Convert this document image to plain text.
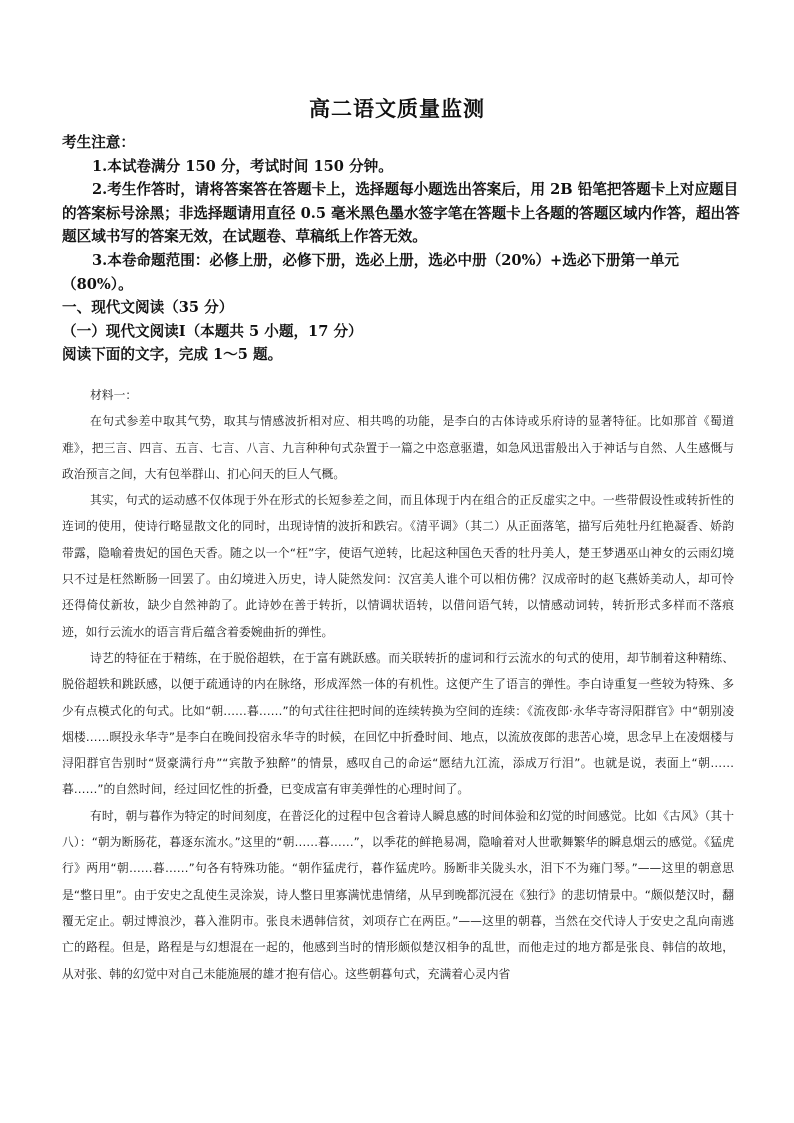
高二语文质量监测

考生注意：

1.本试卷满分 150 分，考试时间 150 分钟。

2.考生作答时，请将答案答在答题卡上，选择题每小题选出答案后，用 2B 铅笔把答题卡上对应题目的答案标号涂黑；非选择题请用直径 0.5 毫米黑色墨水签字笔在答题卡上各题的答题区域内作答，超出答题区域书写的答案无效，在试题卷、草稿纸上作答无效。

3.本卷命题范围：必修上册，必修下册，选必上册，选必中册（20%）+选必下册第一单元（80%）。

一、现代文阅读（35 分）

（一）现代文阅读Ⅰ（本题共 5 小题，17 分）

阅读下面的文字，完成 1～5 题。

材料一：

在句式参差中取其气势，取其与情感波折相对应、相共鸣的功能，是李白的古体诗或乐府诗的显著特征。比如那首《蜀道难》，把三言、四言、五言、七言、八言、九言种种句式杂置于一篇之中恣意驱遣，如急风迅雷般出入于神话与自然、人生感慨与政治预言之间，大有包举群山、扪心问天的巨人气概。

其实，句式的运动感不仅体现于外在形式的长短参差之间，而且体现于内在组合的正反虚实之中。一些带假设性或转折性的连词的使用，使诗行略显散文化的同时，出现诗情的波折和跌宕。《清平调》（其二）从正面落笔，描写后苑牡丹红艳凝香、娇韵带露，隐喻着贵妃的国色天香。随之以一个“枉”字，使语气逆转，比起这种国色天香的牡丹美人，楚王梦遇巫山神女的云雨幻境只不过是枉然断肠一回罢了。由幻境进入历史，诗人陡然发问：汉宫美人谁个可以相仿佛？汉成帝时的赵飞燕娇美动人，却可怜还得倚仗新妆，缺少自然神韵了。此诗妙在善于转折，以情调状语转，以借问语气转，以情感动词转，转折形式多样而不落痕迹，如行云流水的语言背后蕴含着委婉曲折的弹性。

诗艺的特征在于精练，在于脱俗超轶，在于富有跳跃感。而关联转折的虚词和行云流水的句式的使用，却节制着这种精练、脱俗超轶和跳跃感，以便于疏通诗的内在脉络，形成浑然一体的有机性。这便产生了语言的弹性。李白诗重复一些较为特殊、多少有点模式化的句式。比如“朝……暮……”的句式往往把时间的连续转换为空间的连续：《流夜郎·永华寺寄浔阳群官》中“朝别凌烟楼……暝投永华寺”是李白在晚间投宿永华寺的时候，在回忆中折叠时间、地点，以流放夜郎的悲苦心境，思念早上在凌烟楼与浔阳群官告别时“贤豪满行舟”“宾散予独醉”的情景，感叹自己的命运“愿结九江流，添成万行泪”。也就是说，表面上“朝……暮……”的自然时间，经过回忆性的折叠，已变成富有审美弹性的心理时间了。

有时，朝与暮作为特定的时间刻度，在普泛化的过程中包含着诗人瞬息感的时间体验和幻觉的时间感觉。比如《古风》（其十八）：“朝为断肠花，暮逐东流水。”这里的“朝……暮……”，以季花的鲜艳易凋，隐喻着对人世歌舞繁华的瞬息烟云的感觉。《猛虎行》两用“朝……暮……”句各有特殊功能。“朝作猛虎行，暮作猛虎吟。肠断非关陇头水，泪下不为雍门琴。”——这里的朝意思是“整日里”。由于安史之乱使生灵涂炭，诗人整日里寡满忧患情绪，从早到晚都沉浸在《独行》的悲切情景中。“颇似楚汉时，翻覆无定止。朝过博浪沙，暮入淮阴市。张良未遇韩信贫，刘项存亡在两臣。”——这里的朝暮，当然在交代诗人于安史之乱向南逃亡的路程。但是，路程是与幻想混在一起的，他感到当时的情形颇似楚汉相争的乱世，而他走过的地方都是张良、韩信的故地，从对张、韩的幻觉中对自己未能施展的雄才抱有信心。这些朝暮句式，充满着心灵内省
